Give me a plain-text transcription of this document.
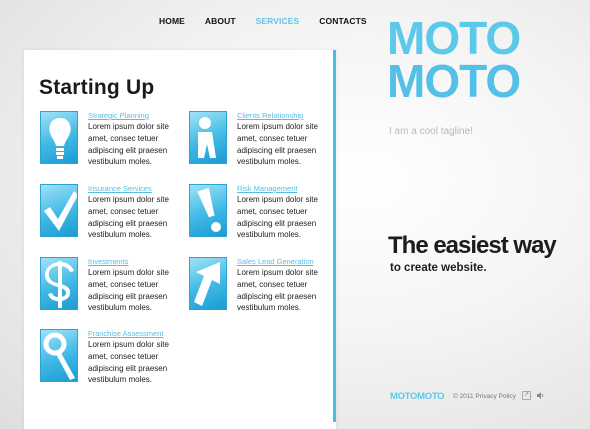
HOME ABOUT SERVICES CONTACTS
Starting Up
Strategic Planning
Lorem ipsum dolor site amet, consec tetuer adipiscing elit praesen vestibulum moles.
Clients Relationship
Lorem ipsum dolor site amet, consec tetuer adipiscing elit praesen vestibulum moles.
Insurance Services
Lorem ipsum dolor site amet, consec tetuer adipiscing elit praesen vestibulum moles.
Risk Management
Lorem ipsum dolor site amet, consec tetuer adipiscing elit praesen vestibulum moles.
Investments
Lorem ipsum dolor site amet, consec tetuer adipiscing elit praesen vestibulum moles.
Sales Lead Generation
Lorem ipsum dolor site amet, consec tetuer adipiscing elit praesen vestibulum moles.
Franchise Assessment
Lorem ipsum dolor site amet, consec tetuer adipiscing elit praesen vestibulum moles.
MOTO
MOTO
I am a cool tagline!
The easiest way
to create website.
MOTOMOTO © 2011 Privacy Policy	↗
